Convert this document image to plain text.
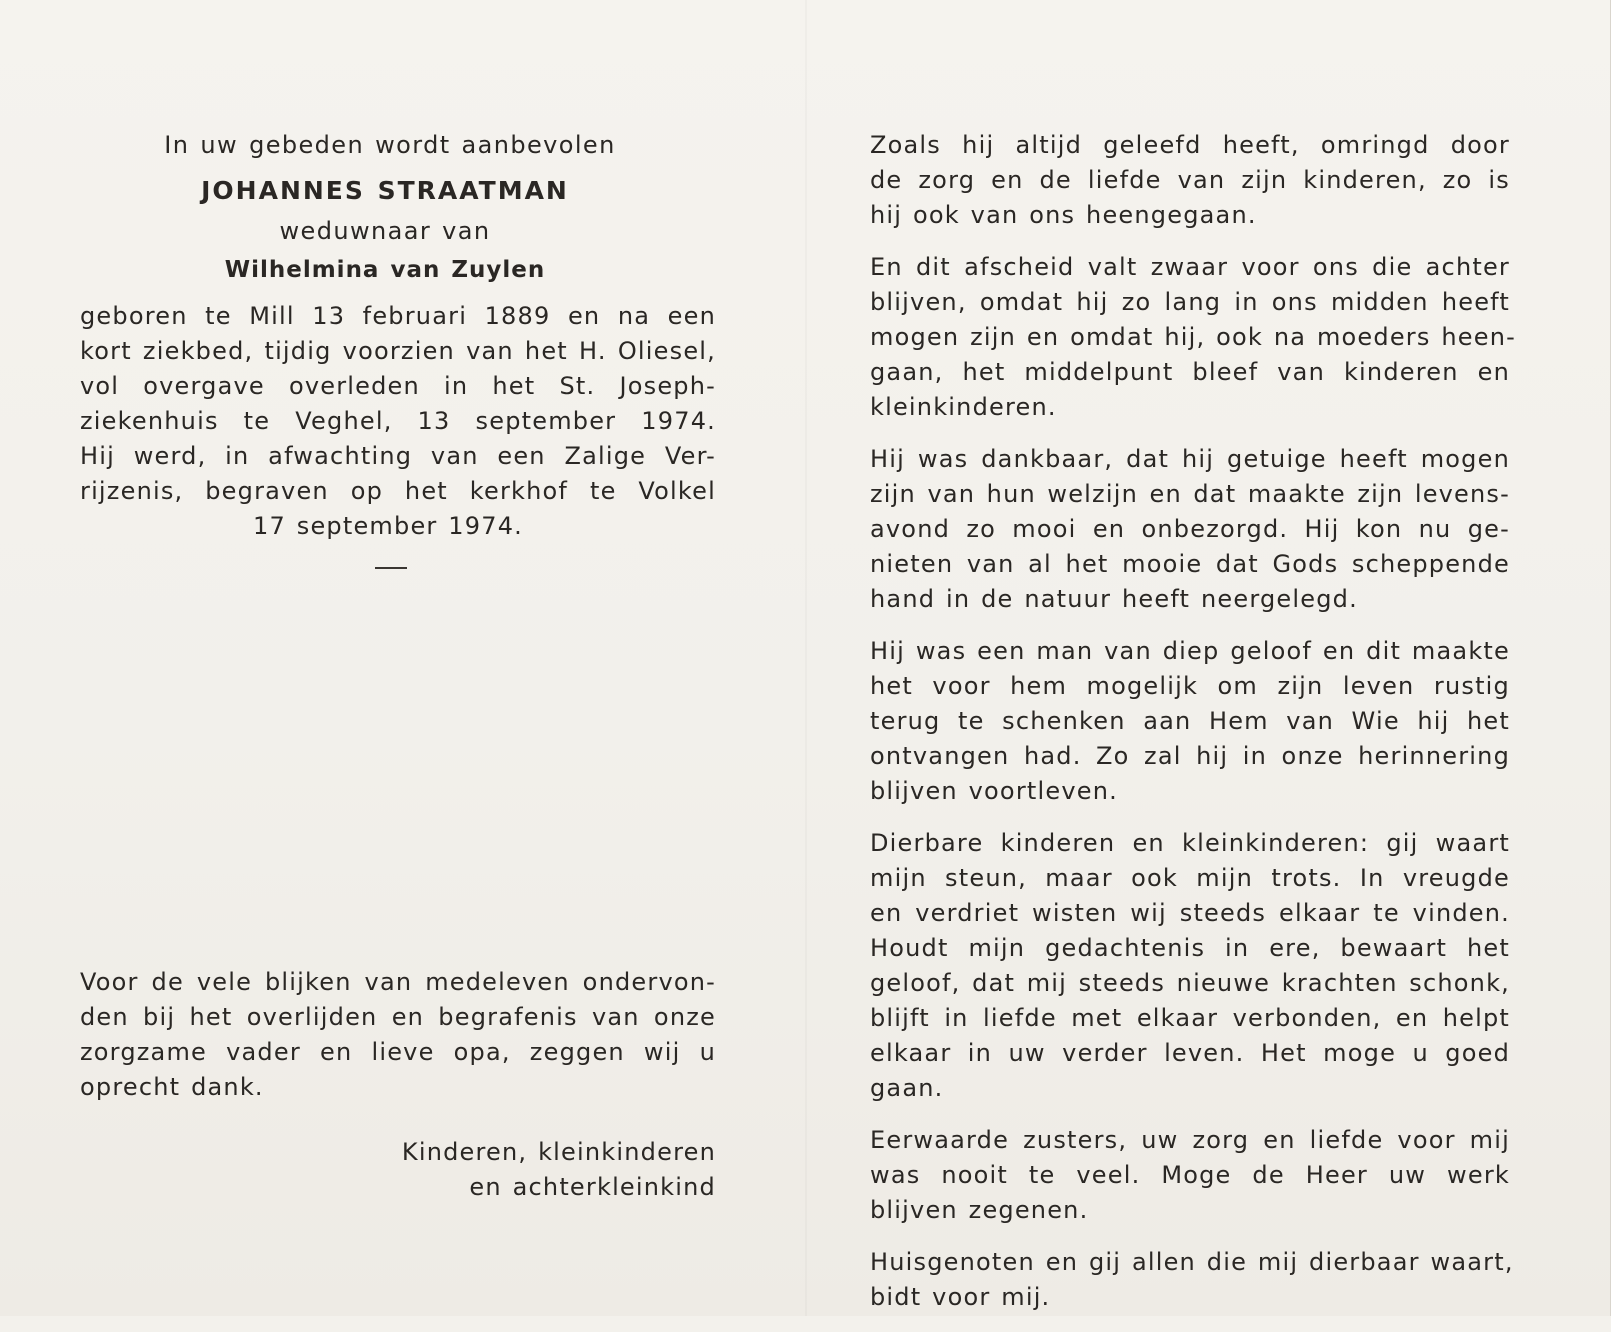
In uw gebeden wordt aanbevolen
JOHANNES STRAATMAN
weduwnaar van
Wilhelmina van Zuylen
geboren te Mill 13 februari 1889 en na een
kort ziekbed, tijdig voorzien van het H. Oliesel,
vol overgave overleden in het St. Joseph-
ziekenhuis te Veghel, 13 september 1974.
Hij werd, in afwachting van een Zalige Ver-
rijzenis, begraven op het kerkhof te Volkel
17 september 1974.
Voor de vele blijken van medeleven ondervon-
den bij het overlijden en begrafenis van onze
zorgzame vader en lieve opa, zeggen wij u
oprecht dank.
Kinderen, kleinkinderen
en achterkleinkind
Zoals hij altijd geleefd heeft, omringd door
de zorg en de liefde van zijn kinderen, zo is
hij ook van ons heengegaan.
En dit afscheid valt zwaar voor ons die achter
blijven, omdat hij zo lang in ons midden heeft
mogen zijn en omdat hij, ook na moeders heen-
gaan, het middelpunt bleef van kinderen en
kleinkinderen.
Hij was dankbaar, dat hij getuige heeft mogen
zijn van hun welzijn en dat maakte zijn levens-
avond zo mooi en onbezorgd. Hij kon nu ge-
nieten van al het mooie dat Gods scheppende
hand in de natuur heeft neergelegd.
Hij was een man van diep geloof en dit maakte
het voor hem mogelijk om zijn leven rustig
terug te schenken aan Hem van Wie hij het
ontvangen had. Zo zal hij in onze herinnering
blijven voortleven.
Dierbare kinderen en kleinkinderen: gij waart
mijn steun, maar ook mijn trots. In vreugde
en verdriet wisten wij steeds elkaar te vinden.
Houdt mijn gedachtenis in ere, bewaart het
geloof, dat mij steeds nieuwe krachten schonk,
blijft in liefde met elkaar verbonden, en helpt
elkaar in uw verder leven. Het moge u goed
gaan.
Eerwaarde zusters, uw zorg en liefde voor mij
was nooit te veel. Moge de Heer uw werk
blijven zegenen.
Huisgenoten en gij allen die mij dierbaar waart,
bidt voor mij.
